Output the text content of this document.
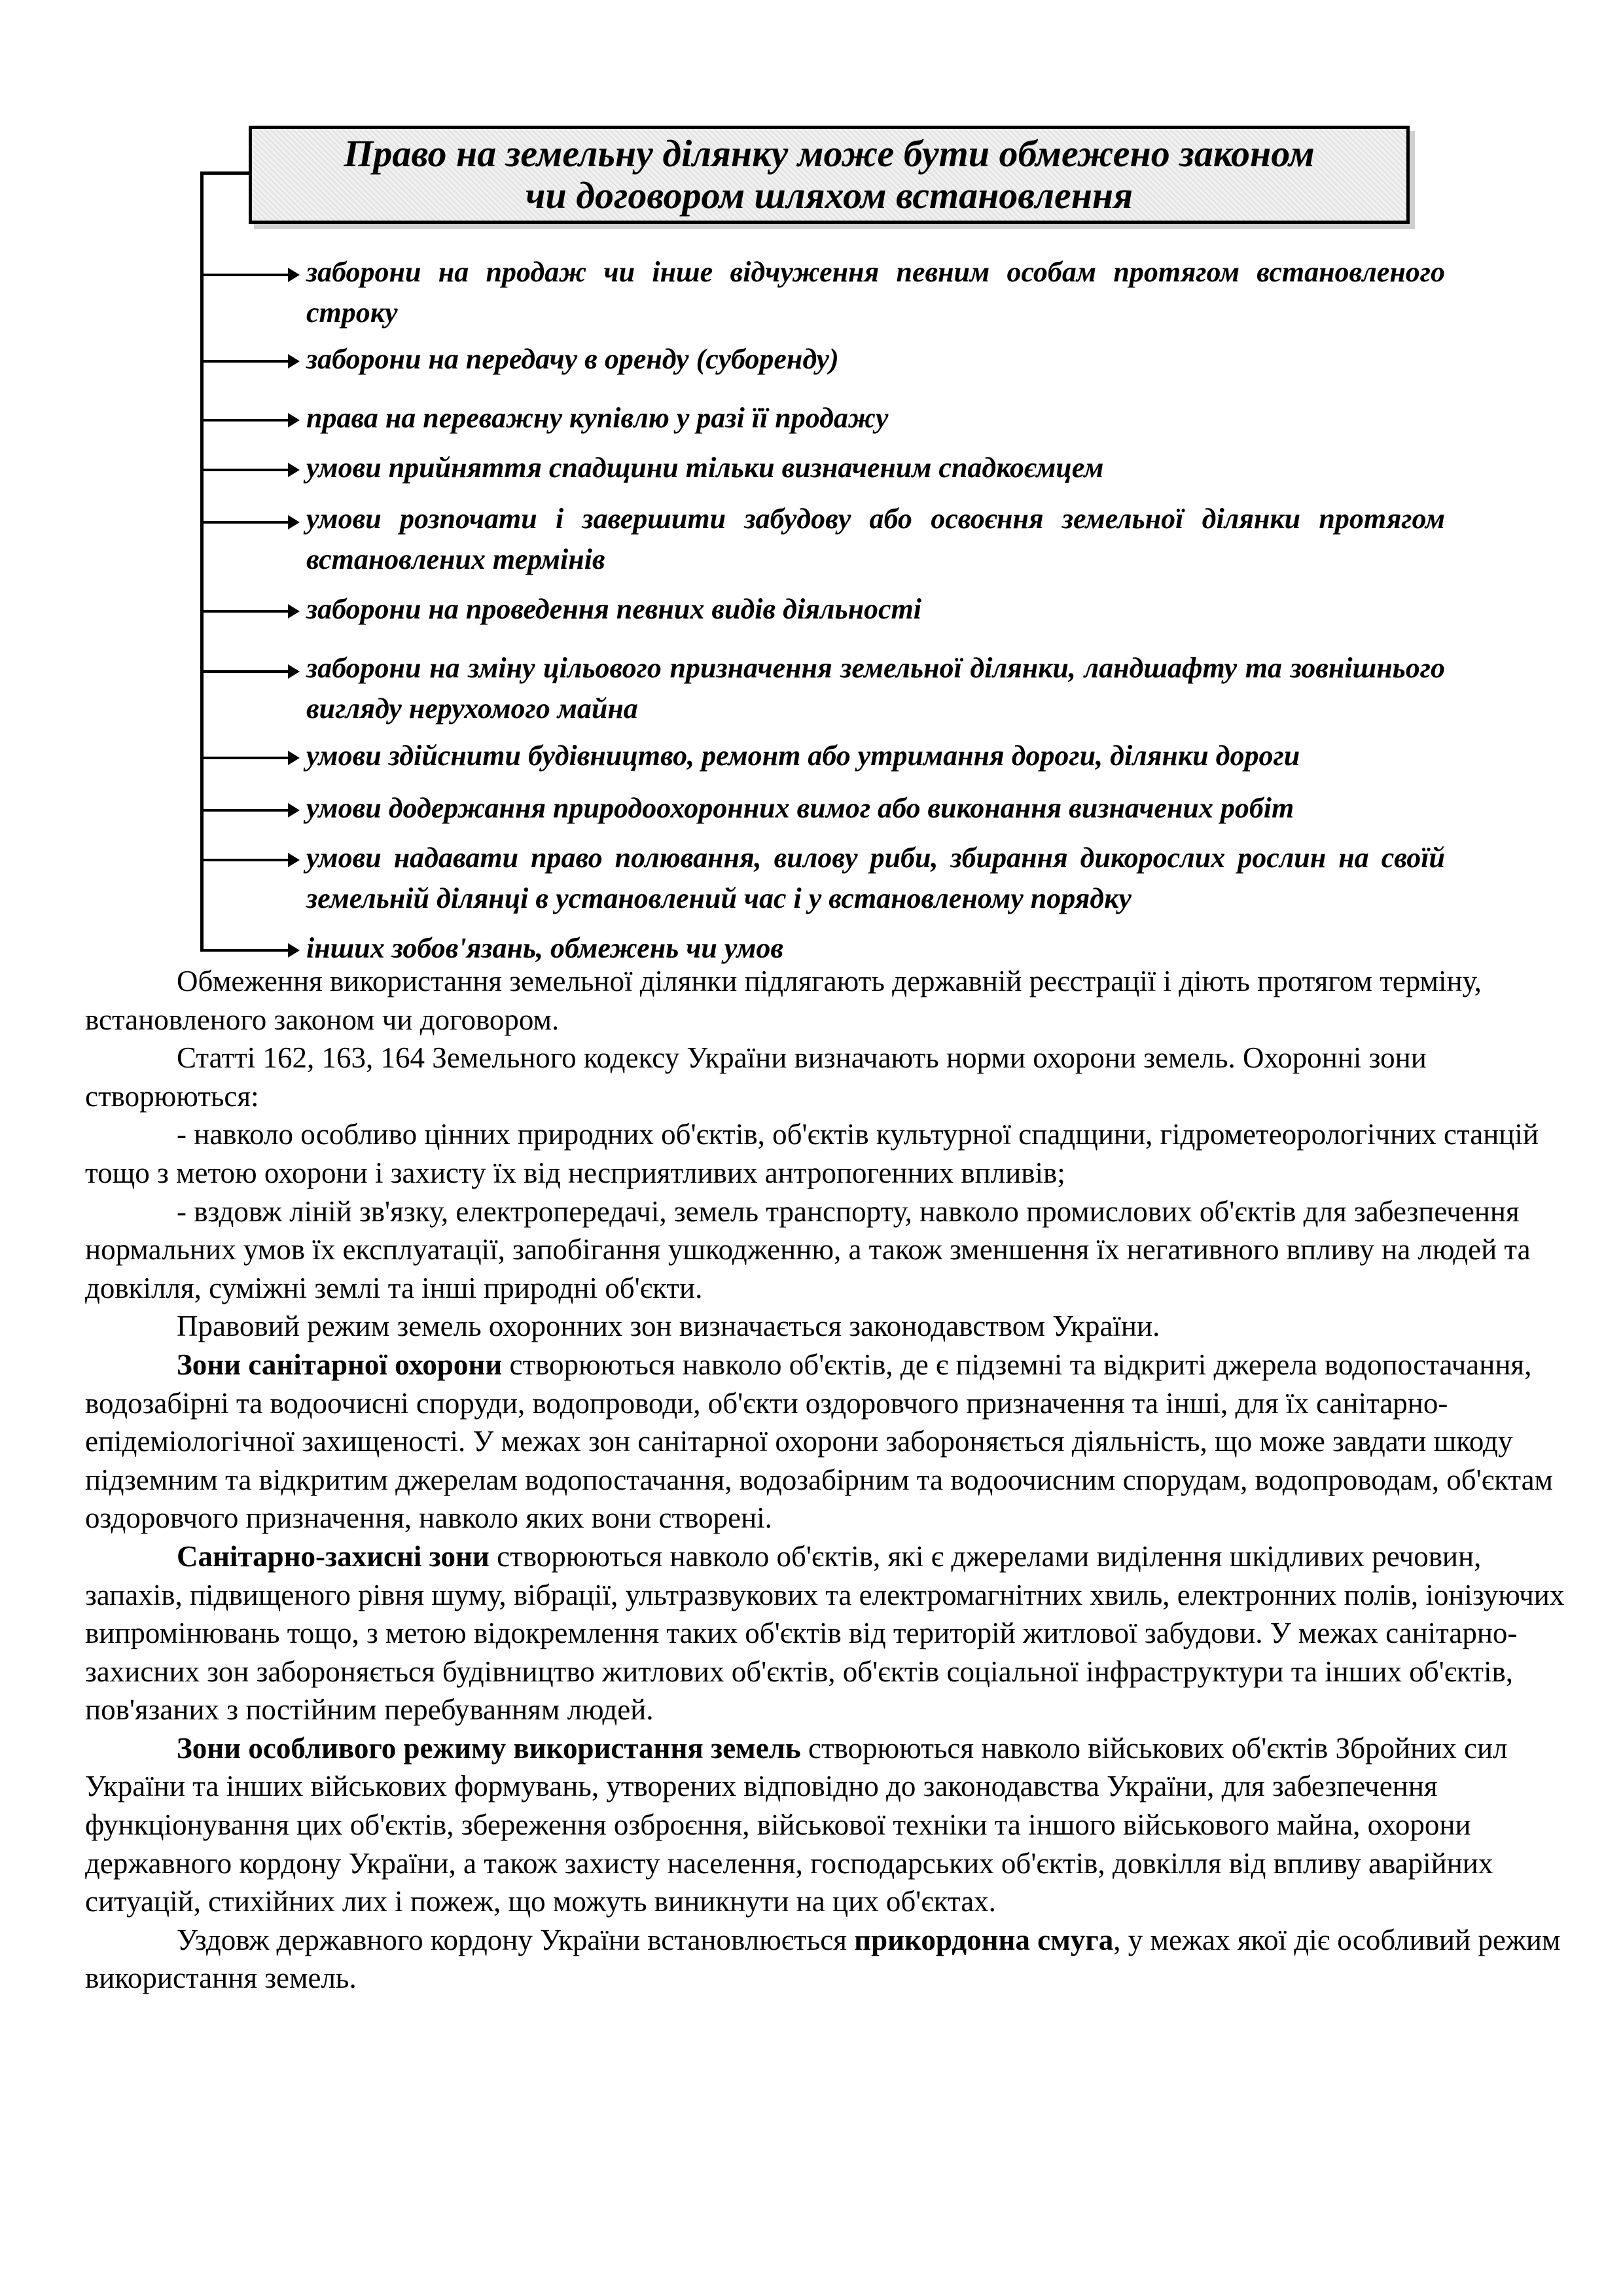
Право на земельну ділянку може бути обмежено законом
чи договором шляхом встановлення
заборони на продаж чи інше відчуження певним особам протягом встановленого строку
заборони на передачу в оренду (суборенду)
права на переважну купівлю у разі її продажу
умови прийняття спадщини тільки визначеним спадкоємцем
умови розпочати і завершити забудову або освоєння земельної ділянки протягом встановлених термінів
заборони на проведення певних видів діяльності
заборони на зміну цільового призначення земельної ділянки, ландшафту та зовнішнього вигляду нерухомого майна
умови здійснити будівництво, ремонт або утримання дороги, ділянки дороги
умови додержання природоохоронних вимог або виконання визначених робіт
умови надавати право полювання, вилову риби, збирання дикорослих рослин на своїй земельній ділянці в установлений час і у встановленому порядку
інших зобов'язань, обмежень чи умов

Обмеження використання земельної ділянки підлягають державній реєстрації і діють протягом терміну, встановленого законом чи договором.

Статті 162, 163, 164 Земельного кодексу України визначають норми охорони земель. Охоронні зони створюються:

- навколо особливо цінних природних об'єктів, об'єктів культурної спадщини, гідрометеорологічних станцій тощо з метою охорони і захисту їх від несприятливих антропогенних впливів;

- вздовж ліній зв'язку, електропередачі, земель транспорту, навколо промислових об'єктів для забезпечення нормальних умов їх експлуатації, запобігання ушкодженню, а також зменшення їх негативного впливу на людей та довкілля, суміжні землі та інші природні об'єкти.

Правовий режим земель охоронних зон визначається законодавством України.

Зони санітарної охорони створюються навколо об'єктів, де є підземні та відкриті джерела водопостачання, водозабірні та водоочисні споруди, водопроводи, об'єкти оздоровчого призначення та інші, для їх санітарно-епідеміологічної захищеності. У межах зон санітарної охорони забороняється діяльність, що може завдати шкоду підземним та відкритим джерелам водопостачання, водозабірним та водоочисним спорудам, водопроводам, об'єктам оздоровчого призначення, навколо яких вони створені.

Санітарно-захисні зони створюються навколо об'єктів, які є джерелами виділення шкідливих речовин, запахів, підвищеного рівня шуму, вібрації, ультразвукових та електромагнітних хвиль, електронних полів, іонізуючих випромінювань тощо, з метою відокремлення таких об'єктів від територій житлової забудови. У межах санітарно-захисних зон забороняється будівництво житлових об'єктів, об'єктів соціальної інфраструктури та інших об'єктів, пов'язаних з постійним перебуванням людей.

Зони особливого режиму використання земель створюються навколо військових об'єктів Збройних сил України та інших військових формувань, утворених відповідно до законодавства України, для забезпечення функціонування цих об'єктів, збереження озброєння, військової техніки та іншого військового майна, охорони державного кордону України, а також захисту населення, господарських об'єктів, довкілля від впливу аварійних ситуацій, стихійних лих і пожеж, що можуть виникнути на цих об'єктах.

Уздовж державного кордону України встановлюється прикордонна смуга, у межах якої діє особливий режим використання земель.
